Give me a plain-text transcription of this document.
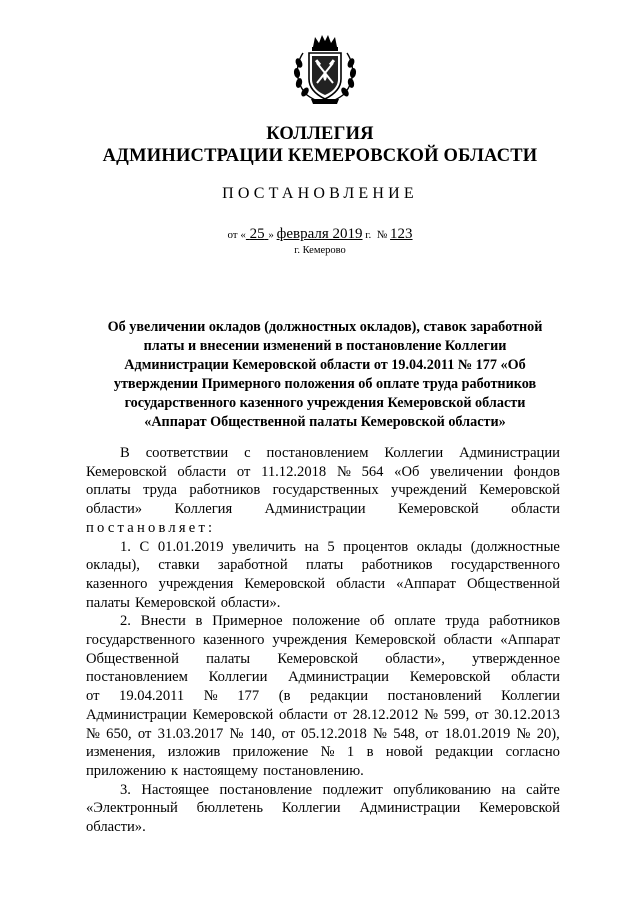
КОЛЛЕГИЯ
АДМИНИСТРАЦИИ КЕМЕРОВСКОЙ ОБЛАСТИ
ПОСТАНОВЛЕНИЕ
от « 25 » февраля 2019 г. № 123
г. Кемерово
Об увеличении окладов (должностных окладов), ставок заработной
платы и внесении изменений в постановление Коллегии
Администрации Кемеровской области от 19.04.2011 № 177 «Об
утверждении Примерного положения об оплате труда работников
государственного казенного учреждения Кемеровской области
«Аппарат Общественной палаты Кемеровской области»
В соответствии с постановлением Коллегии Администрации
Кемеровской области от 11.12.2018 № 564 «Об увеличении фондов
оплаты труда работников государственных учреждений Кемеровской
области» Коллегия Администрации Кемеровской области
постановляет:
1. С 01.01.2019 увеличить на 5 процентов оклады (должностные
оклады), ставки заработной платы работников государственного
казенного учреждения Кемеровской области «Аппарат Общественной
палаты Кемеровской области».
2. Внести в Примерное положение об оплате труда работников
государственного казенного учреждения Кемеровской области «Аппарат
Общественной палаты Кемеровской области», утвержденное
постановлением Коллегии Администрации Кемеровской области
от 19.04.2011 № 177 (в редакции постановлений Коллегии
Администрации Кемеровской области от 28.12.2012 № 599, от 30.12.2013
№ 650, от 31.03.2017 № 140, от 05.12.2018 № 548, от 18.01.2019 № 20),
изменения, изложив приложение № 1 в новой редакции согласно
приложению к настоящему постановлению.
3. Настоящее постановление подлежит опубликованию на сайте
«Электронный бюллетень Коллегии Администрации Кемеровской
области».
